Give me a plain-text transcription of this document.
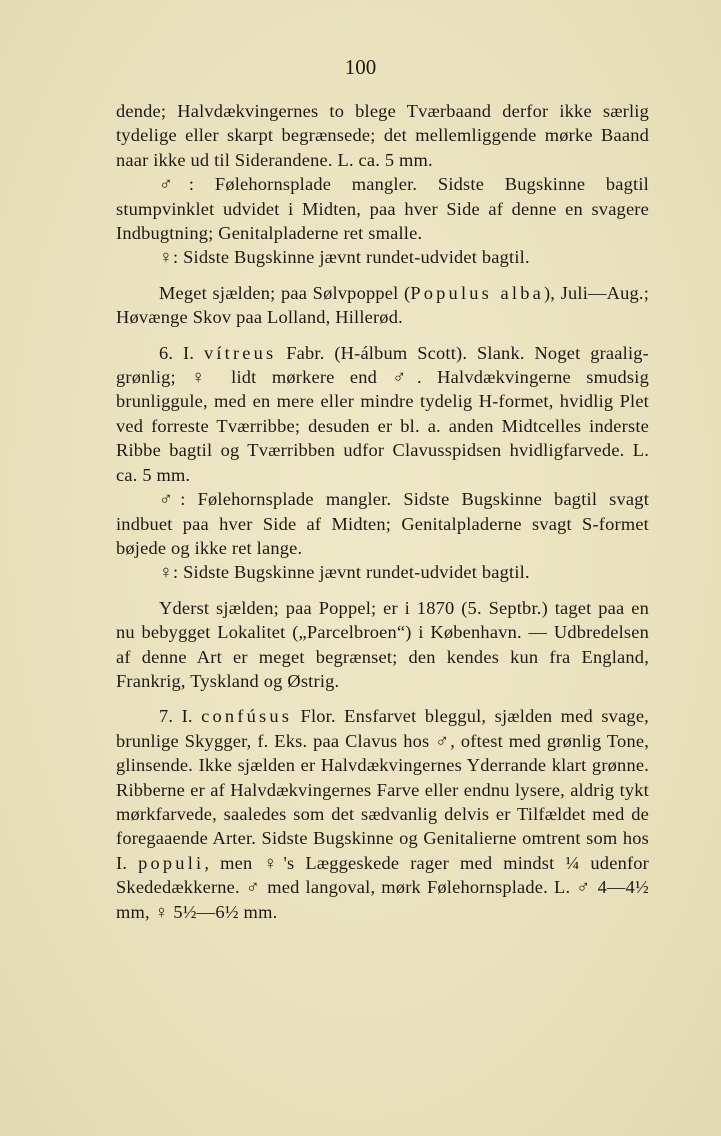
100

dende; Halvdækvingernes to blege Tværbaand derfor ikke særlig tydelige eller skarpt begrænsede; det mellemliggende mørke Baand naar ikke ud til Siderandene. L. ca. 5 mm.

♂: Følehornsplade mangler. Sidste Bugskinne bagtil stumpvinklet udvidet i Midten, paa hver Side af denne en svagere Indbugtning; Genitalpladerne ret smalle.

♀: Sidste Bugskinne jævnt rundet-udvidet bagtil.

Meget sjælden; paa Sølvpoppel (Populus alba), Juli—Aug.; Høvænge Skov paa Lolland, Hillerød.

6. I. vítreus Fabr. (H-álbum Scott). Slank. Noget graalig-grønlig; ♀ lidt mørkere end ♂. Halvdækvingerne smudsig brunliggule, med en mere eller mindre tydelig H-formet, hvidlig Plet ved forreste Tværribbe; desuden er bl. a. anden Midtcelles inderste Ribbe bagtil og Tværribben udfor Clavusspidsen hvidligfarvede. L. ca. 5 mm.

♂: Følehornsplade mangler. Sidste Bugskinne bagtil svagt indbuet paa hver Side af Midten; Genitalpladerne svagt S-formet bøjede og ikke ret lange.

♀: Sidste Bugskinne jævnt rundet-udvidet bagtil.

Yderst sjælden; paa Poppel; er i 1870 (5. Septbr.) taget paa en nu bebygget Lokalitet („Parcelbroen“) i København. — Udbredelsen af denne Art er meget begrænset; den kendes kun fra England, Frankrig, Tyskland og Østrig.

7. I. confúsus Flor. Ensfarvet bleggul, sjælden med svage, brunlige Skygger, f. Eks. paa Clavus hos ♂, oftest med grønlig Tone, glinsende. Ikke sjælden er Halvdækvingernes Yderrande klart grønne. Ribberne er af Halvdækvingernes Farve eller endnu lysere, aldrig tykt mørkfarvede, saaledes som det sædvanlig delvis er Tilfældet med de foregaaende Arter. Sidste Bugskinne og Genitalierne omtrent som hos I. populi, men ♀'s Læggeskede rager med mindst ¼ udenfor Skededækkerne. ♂ med langoval, mørk Følehornsplade. L. ♂ 4—4½ mm, ♀ 5½—6½ mm.
